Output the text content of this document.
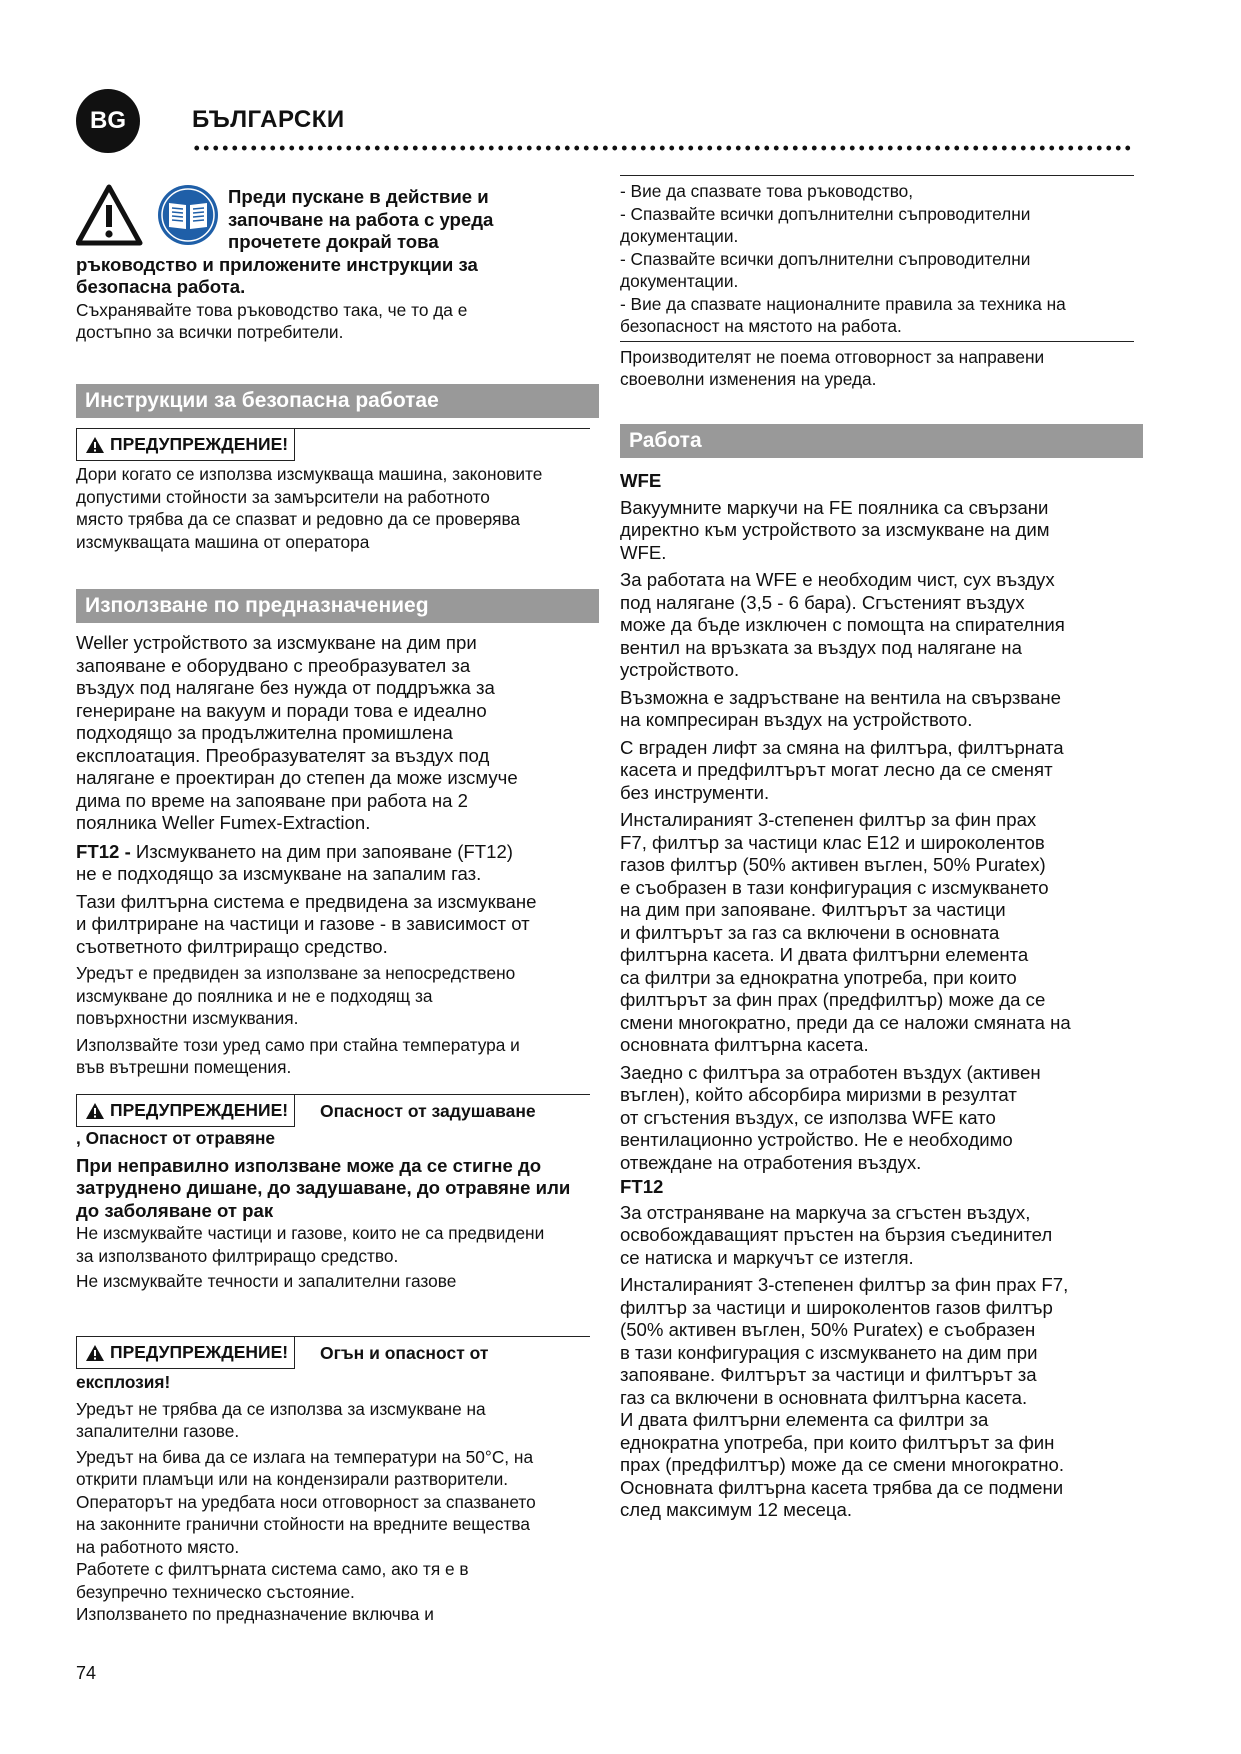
BG	БЪЛГАРСКИ

Преди пускане в действие и

започване на работа с уреда

прочетете докрай това

ръководство и приложените инструкции за

безопасна работа.

Съхранявайте това ръководство така, че то да е

достъпно за всички потребители.

Инструкции за безопасна работае
ПРЕДУПРЕЖДЕНИЕ!

Дори когато се използва изсмукваща машина, законовите

допустими стойности за замърсители на работното

място трябва да се спазват и редовно да се проверява

изсмукващата машина от оператора

Използване по предназначениеg

Weller устройството за изсмукване на дим при

запояване е оборудвано с преобразувател за

въздух под налягане без нужда от поддръжка за

генериране на вакуум и поради това е идеално

подходящо за продължителна промишлена

експлоатация. Преобразувателят за въздух под

налягане е проектиран до степен да може изсмуче

дима по време на запояване при работа на 2

поялника Weller Fumex-Extraction.

FT12 - Изсмукването на дим при запояване (FT12)

не е подходящо за изсмукване на запалим газ.

Тази филтърна система е предвидена за изсмукване

и филтриране на частици и газове - в зависимост от

съответното филтриращо средство.

Уредът е предвиден за използване за непосредствено

изсмукване до поялника и не е подходящ за

повърхностни изсмуквания.

Използвайте този уред само при стайна температура и

във вътрешни помещения.

ПРЕДУПРЕЖДЕНИЕ! Опасност от задушаване

, Опасност от отравяне

При неправилно използване може да се стигне до

затруднено дишане, до задушаване, до отравяне или

до заболяване от рак

Не изсмуквайте частици и газове, които не са предвидени

за използваното филтриращо средство.

Не изсмуквайте течности и запалителни газове

ПРЕДУПРЕЖДЕНИЕ! Огън и опасност от

експлозия!

Уредът не трябва да се използва за изсмукване на

запалителни газове.

Уредът на бива да се излага на температури на 50°C, на

открити пламъци или на кондензирали разтворители.

Операторът на уредбата носи отговорност за спазването

на законните гранични стойности на вредните вещества

на работното място.

Работете с филтърната система само, ако тя е в

безупречно техническо състояние.

Използването по предназначение включва и

74

- Вие да спазвате това ръководство,

- Спазвайте всички допълнителни съпроводителни

документации.

- Спазвайте всички допълнителни съпроводителни

документации.

- Вие да спазвате националните правила за техника на

безопасност на мястото на работа.

Производителят не поема отговорност за направени

своеволни изменения на уреда.

Работа

WFE

Вакуумните маркучи на FE поялника са свързани

директно към устройството за изсмукване на дим

WFE.

За работата на WFE е необходим чист, сух въздух

под налягане (3,5 - 6 бара). Сгъстеният въздух

може да бъде изключен с помощта на спирателния

вентил на връзката за въздух под налягане на

устройството.

Възможна е задръстване на вентила на свързване

на компресиран въздух на устройството.

С вграден лифт за смяна на филтъра, филтърната

касета и предфилтърът могат лесно да се сменят

без инструменти.

Инсталираният 3-степенен филтър за фин прах

F7, филтър за частици клас E12 и широколентов

газов филтър (50% активен въглен, 50% Puratex)

е съобразен в тази конфигурация с изсмукването

на дим при запояване. Филтърът за частици

и филтърът за газ са включени в основната

филтърна касета. И двата филтърни елемента

са филтри за еднократна употреба, при които

филтърът за фин прах (предфилтър) може да се

смени многократно, преди да се наложи смяната на

основната филтърна касета.

Заедно с филтъра за отработен въздух (активен

въглен), който абсорбира миризми в резултат

от сгъстения въздух, се използва WFE като

вентилационно устройство. Не е необходимо

отвеждане на отработения въздух.

FT12

За отстраняване на маркуча за сгъстен въздух,

освобождаващият пръстен на бързия съединител

се натиска и маркучът се изтегля.

Инсталираният 3-степенен филтър за фин прах F7,

филтър за частици и широколентов газов филтър

(50% активен въглен, 50% Puratex) е съобразен

в тази конфигурация с изсмукването на дим при

запояване. Филтърът за частици и филтърът за

газ са включени в основната филтърна касета.

И двата филтърни елемента са филтри за

еднократна употреба, при които филтърът за фин

прах (предфилтър) може да се смени многократно.

Основната филтърна касета трябва да се подмени

след максимум 12 месеца.
